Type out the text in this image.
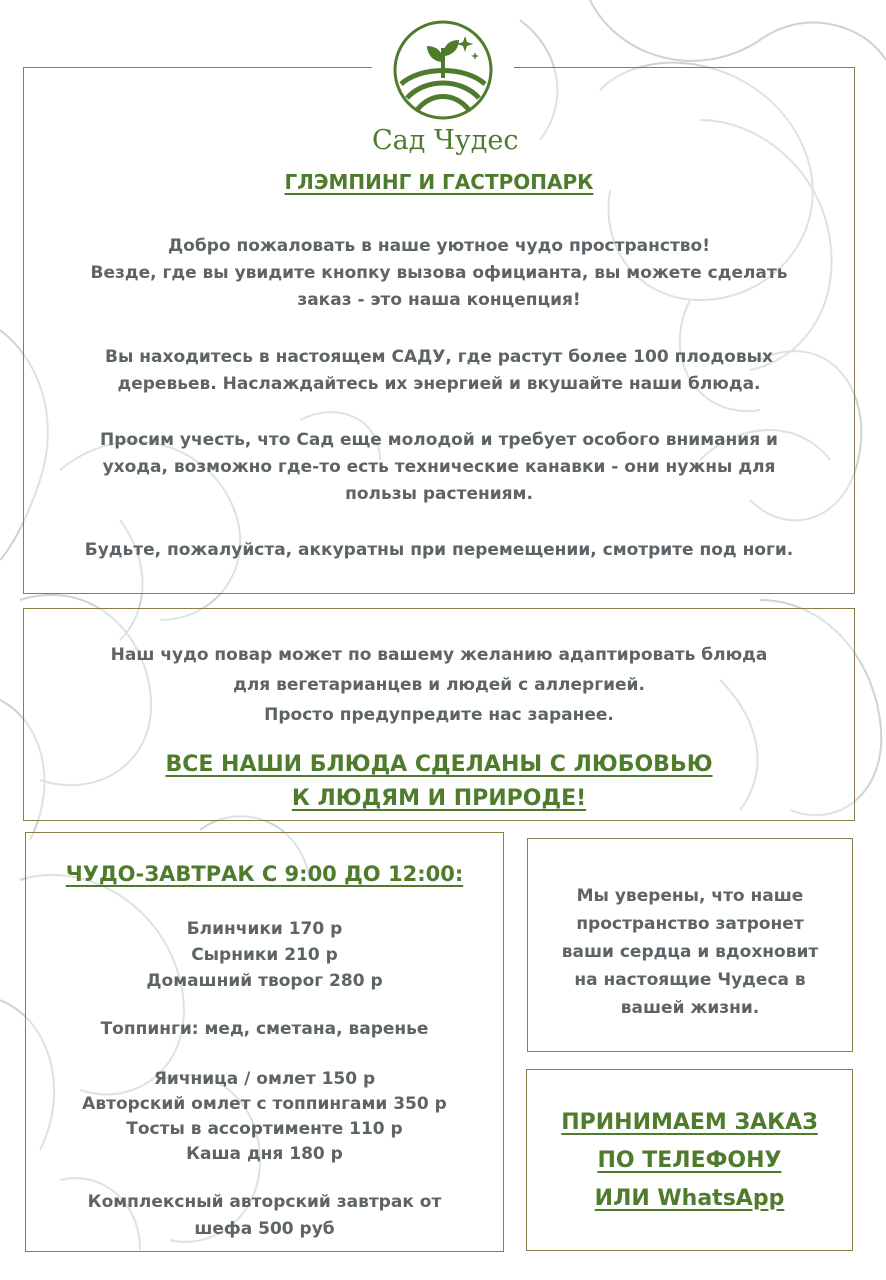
Сад Чудес
ГЛЭМПИНГ И ГАСТРОПАРК
Добро пожаловать в наше уютное чудо пространство!
Везде, где вы увидите кнопку вызова официанта, вы можете сделать
заказ - это наша концепция!
Вы находитесь в настоящем САДУ, где растут более 100 плодовых
деревьев. Наслаждайтесь их энергией и вкушайте наши блюда.
Просим учесть, что Сад еще молодой и требует особого внимания и
ухода, возможно где-то есть технические канавки - они нужны для
пользы растениям.
Будьте, пожалуйста, аккуратны при перемещении, смотрите под ноги.
Наш чудо повар может по вашему желанию адаптировать блюда
для вегетарианцев и людей с аллергией.
Просто предупредите нас заранее.
ВСЕ НАШИ БЛЮДА СДЕЛАНЫ С ЛЮБОВЬЮ
К ЛЮДЯМ И ПРИРОДЕ!
ЧУДО-ЗАВТРАК С 9:00 ДО 12:00:
Блинчики 170 р
Сырники 210 р
Домашний творог 280 р
Топпинги: мед, сметана, варенье
Яичница / омлет 150 р
Авторский омлет с топпингами 350 р
Тосты в ассортименте 110 р
Каша дня 180 р
Комплексный авторский завтрак от
шефа 500 руб
Мы уверены, что наше
пространство затронет
ваши сердца и вдохновит
на настоящие Чудеса в
вашей жизни.
ПРИНИМАЕМ ЗАКАЗ
ПО ТЕЛЕФОНУ
ИЛИ WhatsApp
